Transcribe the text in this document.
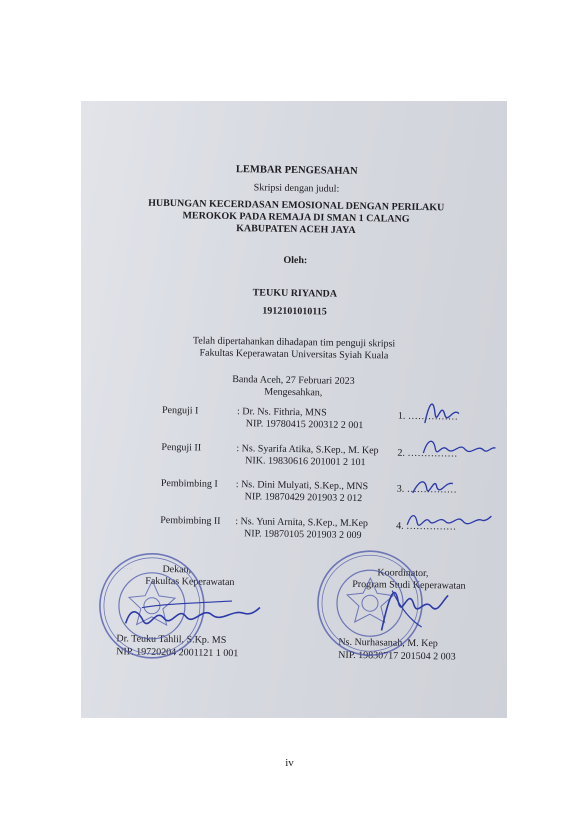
LEMBAR PENGESAHAN
Skripsi dengan judul:
HUBUNGAN KECERDASAN EMOSIONAL DENGAN PERILAKU
MEROKOK PADA REMAJA DI SMAN 1 CALANG
KABUPATEN ACEH JAYA
Oleh:
TEUKU RIYANDA
1912101010115
Telah dipertahankan dihadapan tim penguji skripsi
Fakultas Keperawatan Universitas Syiah Kuala
Banda Aceh, 27 Februari 2023
Mengesahkan,
Penguji I	: Dr. Ns. Fithria, MNS
NIP. 19780415 200312 2 001
1. ……………
Penguji II	: Ns. Syarifa Atika, S.Kep., M. Kep
NIK. 19830616 201001 2 101
2. ……………
Pembimbing I : Ns. Dini Mulyati, S.Kep., MNS
NIP. 19870429 201903 2 012
3. ……………
Pembimbing II : Ns. Yuni Arnita, S.Kep., M.Kep
NIP. 19870105 201903 2 009
4. ……………
Dekan,
Fakultas Keperawatan
Dr. Teuku Tahlil, S.Kp. MS
NIP. 19720204 2001121 1 001
Koordinator,
Program Studi Keperawatan
Ns. Nurhasanah, M. Kep
NIP. 19830717 201504 2 003
· · · · ·
iv
